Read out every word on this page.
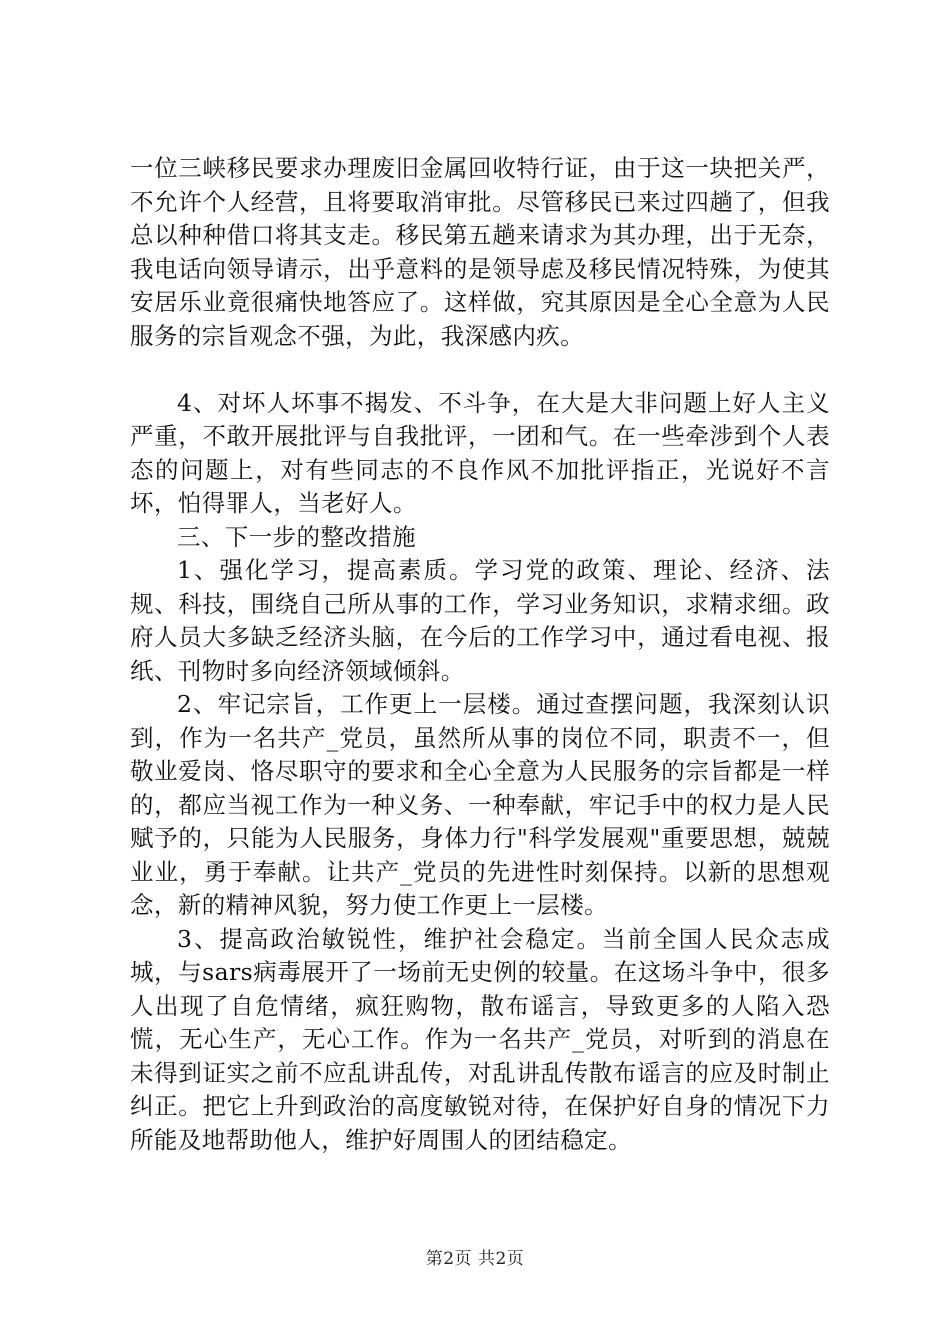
一位三峡移民要求办理废旧金属回收特行证，由于这一块把关严，不允许个人经营，且将要取消审批。尽管移民已来过四趟了，但我总以种种借口将其支走。移民第五趟来请求为其办理，出于无奈，我电话向领导请示，出乎意料的是领导虑及移民情况特殊，为使其安居乐业竟很痛快地答应了。这样做，究其原因是全心全意为人民服务的宗旨观念不强，为此，我深感内疚。

4、对坏人坏事不揭发、不斗争，在大是大非问题上好人主义严重，不敢开展批评与自我批评，一团和气。在一些牵涉到个人表态的问题上，对有些同志的不良作风不加批评指正，光说好不言坏，怕得罪人，当老好人。

三、下一步的整改措施

1、强化学习，提高素质。学习党的政策、理论、经济、法规、科技，围绕自己所从事的工作，学习业务知识，求精求细。政府人员大多缺乏经济头脑，在今后的工作学习中，通过看电视、报纸、刊物时多向经济领域倾斜。

2、牢记宗旨，工作更上一层楼。通过查摆问题，我深刻认识到，作为一名共产_党员，虽然所从事的岗位不同，职责不一，但敬业爱岗、恪尽职守的要求和全心全意为人民服务的宗旨都是一样的，都应当视工作为一种义务、一种奉献，牢记手中的权力是人民赋予的，只能为人民服务，身体力行"科学发展观"重要思想，兢兢业业，勇于奉献。让共产_党员的先进性时刻保持。以新的思想观念，新的精神风貌，努力使工作更上一层楼。

3、提高政治敏锐性，维护社会稳定。当前全国人民众志成城，与sars病毒展开了一场前无史例的较量。在这场斗争中，很多人出现了自危情绪，疯狂购物，散布谣言，导致更多的人陷入恐慌，无心生产，无心工作。作为一名共产_党员，对听到的消息在未得到证实之前不应乱讲乱传，对乱讲乱传散布谣言的应及时制止纠正。把它上升到政治的高度敏锐对待，在保护好自身的情况下力所能及地帮助他人，维护好周围人的团结稳定。

第2页 共2页
